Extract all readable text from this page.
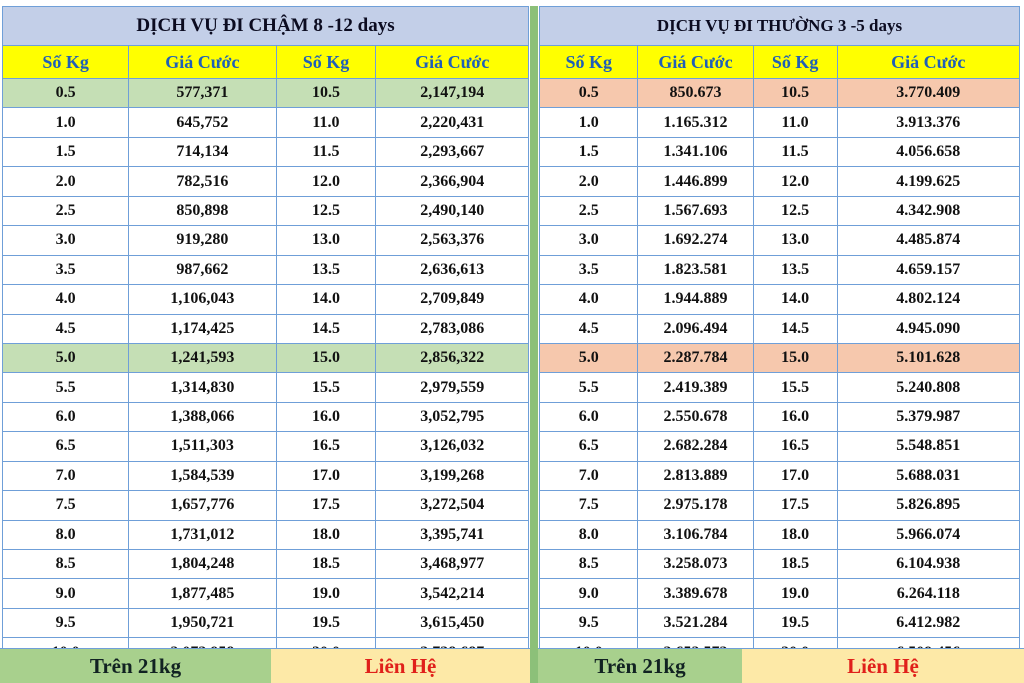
DỊCH VỤ ĐI CHẬM 8 -12 days			
Số Kg	Giá Cước	Số Kg	Giá Cước
0.5	577,371	10.5	2,147,194
1.0	645,752	11.0	2,220,431
1.5	714,134	11.5	2,293,667
2.0	782,516	12.0	2,366,904
2.5	850,898	12.5	2,490,140
3.0	919,280	13.0	2,563,376
3.5	987,662	13.5	2,636,613
4.0	1,106,043	14.0	2,709,849
4.5	1,174,425	14.5	2,783,086
5.0	1,241,593	15.0	2,856,322
5.5	1,314,830	15.5	2,979,559
6.0	1,388,066	16.0	3,052,795
6.5	1,511,303	16.5	3,126,032
7.0	1,584,539	17.0	3,199,268
7.5	1,657,776	17.5	3,272,504
8.0	1,731,012	18.0	3,395,741
8.5	1,804,248	18.5	3,468,977
9.0	1,877,485	19.0	3,542,214
9.5	1,950,721	19.5	3,615,450

DỊCH VỤ ĐI THƯỜNG 3 -5 days			
Số Kg	Giá Cước	Số Kg	Giá Cước
0.5	850.673	10.5	3.770.409
1.0	1.165.312	11.0	3.913.376
1.5	1.341.106	11.5	4.056.658
2.0	1.446.899	12.0	4.199.625
2.5	1.567.693	12.5	4.342.908
3.0	1.692.274	13.0	4.485.874
3.5	1.823.581	13.5	4.659.157
4.0	1.944.889	14.0	4.802.124
4.5	2.096.494	14.5	4.945.090
5.0	2.287.784	15.0	5.101.628
5.5	2.419.389	15.5	5.240.808
6.0	2.550.678	16.0	5.379.987
6.5	2.682.284	16.5	5.548.851
7.0	2.813.889	17.0	5.688.031
7.5	2.975.178	17.5	5.826.895
8.0	3.106.784	18.0	5.966.074
8.5	3.258.073	18.5	6.104.938
9.0	3.389.678	19.0	6.264.118
9.5	3.521.284	19.5	6.412.982

Trên 21kg	Liên Hệ	Trên 21kg	Liên Hệ
